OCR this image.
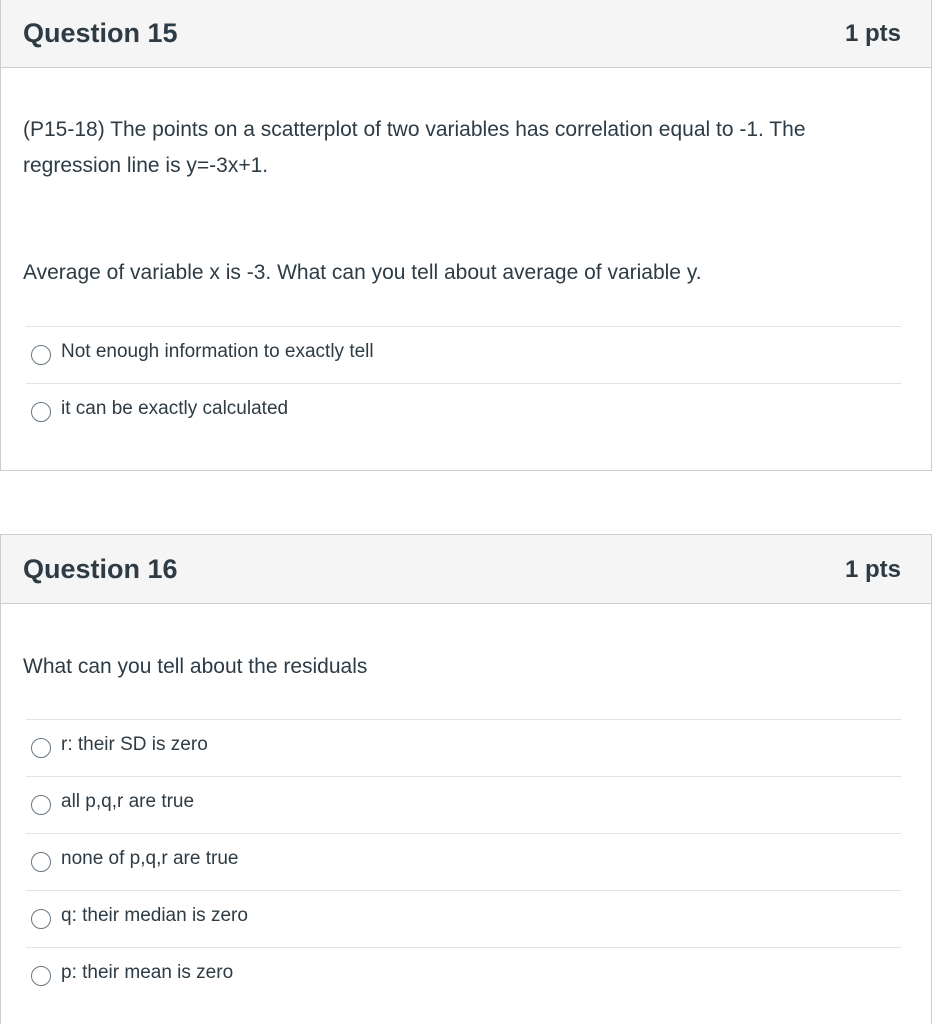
Question 15	1 pts
(P15-18) The points on a scatterplot of two variables has correlation equal to -1. The regression line is y=-3x+1.
Average of variable x is -3. What can you tell about average of variable y.
Not enough information to exactly tell
it can be exactly calculated
Question 16	1 pts
What can you tell about the residuals
r: their SD is zero
all p,q,r are true
none of p,q,r are true
q: their median is zero
p: their mean is zero
